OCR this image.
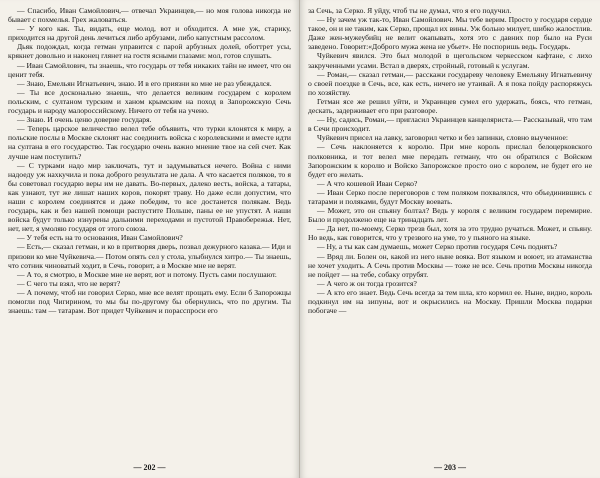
— Спасибо, Иван Самойлович,— отвечал Украинцев,— но моя голова никогда не бывает с похмелья. Грех жаловаться.

— У кого как. Ты, видать, еще молод, вот и обходится. А мне уж, старику, приходится на другой день лечиться либо арбузами, либо капустным рассолом.

Дьяк подождал, когда гетман управится с парой арбузных долей, оботтрет усы, крякнет довольно и наконец глянет на гостя ясными глазами: мол, готов слушать.

— Иван Самойлович, ты знаешь, что государь от тебя никаких тайн не имеет, что он ценит тебя.

— Знаю, Емельян Игнатьевич, знаю. И в его приязни ко мне не раз убеждался.

— Ты все досконально знаешь, что делается великим государем с королем польским, с султаном турским и ханом крымским на поход в Запорожскую Сечь государь и народу малороссийскому. Ничего от тебя на учено.

— Знаю. И очень ценю доверие государя.

— Теперь царское величество велел тебе объявить, что турки клонятся к миру, а польские послы в Москве склонят нас соединить войска с королевскими и вместе идти на султана в его государство. Так государю очень важно мнение твое на сей счет. Как лучше нам поступить?

— С турками надо мир заключать, тут и задумываться нечего. Война с ними надоеду уж нахкучила и пока доброго результата не дала. А что касается поляков, то я бы советовал государю веры им не давать. Во-первых, далеко весть, войска, а татары, как узнают, тут же лишат наших коров, покорят траву. Но даже если допустим, что наши с королем соединятся и даже победим, то все достанется полякам. Ведь государь, как и без нашей помощи распустите Польше, паны ее не упустят. А наши войска будут только изнурены дальними переходами и пустотой Правобережья. Нет, нет, нет, я умоляю государя от этого союза.

— У тебя есть на то основания, Иван Самойлович?

— Есть,— сказал гетман, и ко в притворяя дверь, позвал дежурного казака.— Иди и призови ко мне Чуйкевича.— Потом опять сел у стола, улыбнулся хитро.— Ты знаешь, что сотник чиноватый ходит, в Сечь, говорит, а в Москве мне не верят.

— А то, я смотрю, в Москве мне не верят, вот и потому. Пусть сами послушают.

— С чего ты взял, что не верят?

— А почему, чтоб ни говорил Серко, мне все велят прощать ему. Если б Запорожцы помогли под Чигирином, то мы бы по-другому бы обернулись, что по другим. Ты знаешь: там — татарам. Вот придет Чуйкевич и порасспроси его

— 202 —

за Сечь, за Серко. Я уйду, чтоб ты не думал, что я его подучил.

— Ну зачем уж так-то, Иван Самойлович. Мы тебе верим. Просто у государя сердце такое, он и не таким, как Серко, прощал их вины. Уж больно милует, шибко жалостлив. Даже жен-мужеубийц не велит окапывать, хотя это с давних пор было на Руси заведено. Говорит:«Доброго мужа жена не убьет». Не поспоришь ведь. Государь.

Чуйкевич явился. Это был молодой в щегольском черкесском кафтане, с лихо закрученными усами. Встал в дверях, стройный, готовый к услугам.

— Роман,— сказал гетман,— расскажи государеву человеку Емельяну Игнатьевичу о своей поездке в Сечь, все, как есть, ничего не утаивай. А я пока пойду распоряжусь по хозяйству.

Гетман ясе же решил уйти, и Украинцев сумел его удержать, боясь, что гетман, дескать, задерживает его при разговоре.

— Ну, садись, Роман,— пригласил Украинцев канцеляриста.— Рассказывай, что там в Сечи происходит.

Чуйкевич присел на лавку, заговорил четко и без запинки, словно выученное:

— Сечь наклоняется к королю. При мне король прислал белоцерковского полковника, и тот велел мне передать гетману, что он обратился с Войском Запорожским к королю и Войско Запорожское просто оно с королем, не будет его не будет его желать.

— А что кошевой Иван Серко?

— Иван Серко после переговоров с тем поляком похвалялся, что объединившись с татарами и поляками, будут Москву воевать.

— Может, это он спьяну болтал? Ведь у короля с великим государем перемирие. Было и продолжено еще на тринадцать лет.

— Да нет, по-моему, Серко трезв был, хотя за это трудно ручаться. Может, и спьяну. Но ведь, как говорится, что у трезвого на уме, то у пьяного на языке.

— Ну, а ты как сам думаешь, может Серко против государя Сечь поднять?

— Вряд ли. Болен он, какой из него ныне вояка. Вот языком и воюет, из атаманства не хочет уходить. А Сечь против Москвы — тоже не все. Сечь против Москвы никогда не пойдет — на тебе, собаку отрубят.

— А чего ж он тогда грозится?

— А кто его знает. Ведь Сечь всегда за тем шла, кто кормил ее. Ныне, видно, король подкинул им на зипуны, вот и окрысились на Москву. Пришли Москва подарки побогаче —

— 203 —
